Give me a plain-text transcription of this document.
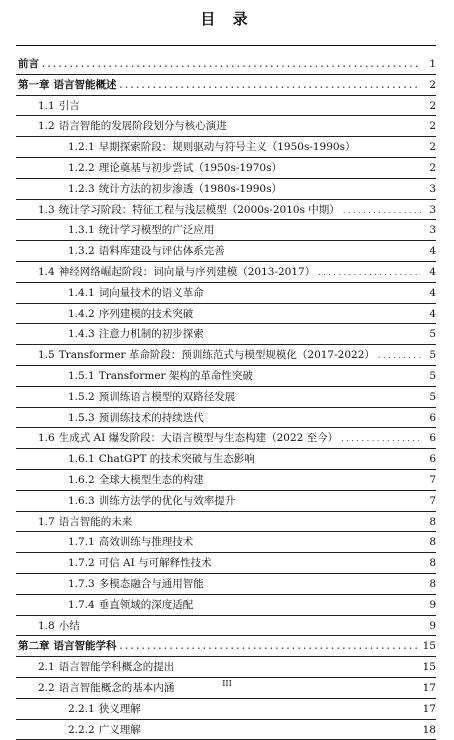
目 录
前言 . . .	1
第一章 语言智能概述 . . .	2
1.1 引言	2
1.2 语言智能的发展阶段划分与核心演进	2
1.2.1 早期探索阶段：规则驱动与符号主义（1950s-1990s）	2
1.2.2 理论奠基与初步尝试（1950s-1970s）	2
1.2.3 统计方法的初步渗透（1980s-1990s）	3
1.3 统计学习阶段：特征工程与浅层模型（2000s-2010s 中期） . . .	3
1.3.1 统计学习模型的广泛应用	3
1.3.2 语料库建设与评估体系完善	4
1.4 神经网络崛起阶段：词向量与序列建模（2013-2017） . . .	4
1.4.1 词向量技术的语义革命	4
1.4.2 序列建模的技术突破	4
1.4.3 注意力机制的初步探索	5
1.5 Transformer 革命阶段：预训练范式与模型规模化（2017-2022） . . .	5
1.5.1 Transformer 架构的革命性突破	5
1.5.2 预训练语言模型的双路径发展	5
1.5.3 预训练技术的持续迭代	6
1.6 生成式 AI 爆发阶段：大语言模型与生态构建（2022 至今） . . .	6
1.6.1 ChatGPT 的技术突破与生态影响	6
1.6.2 全球大模型生态的构建	7
1.6.3 训练方法学的优化与效率提升	7
1.7 语言智能的未来	8
1.7.1 高效训练与推理技术	8
1.7.2 可信 AI 与可解释性技术	8
1.7.3 多模态融合与通用智能	8
1.7.4 垂直领域的深度适配	9
1.8 小结	9
第二章 语言智能学科 . . .	15
2.1 语言智能学科概念的提出	15
2.2 语言智能概念的基本内涵	17
2.2.1 狭义理解	17
2.2.2 广义理解	18
III
